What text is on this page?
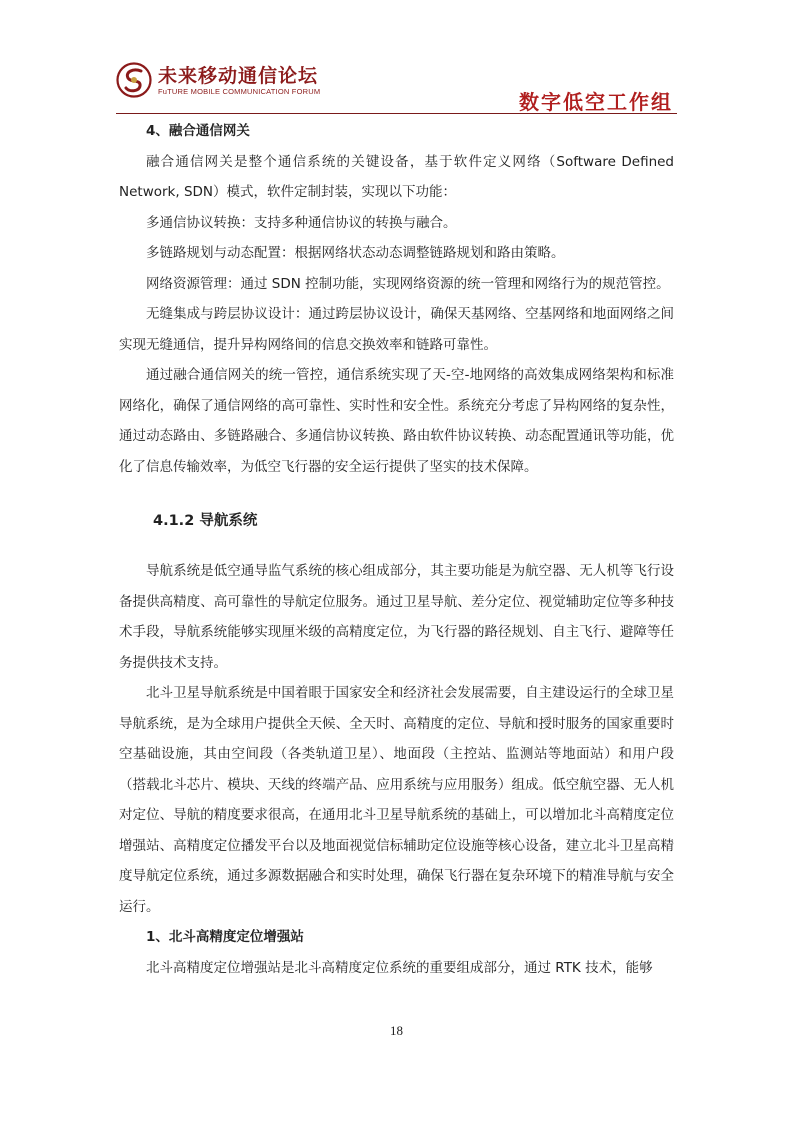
未来移动通信论坛
FuTURE MOBILE COMMUNICATION FORUM	数字低空工作组
4、融合通信网关

融合通信网关是整个通信系统的关键设备，基于软件定义网络（Software Defined Network, SDN）模式，软件定制封装，实现以下功能：

多通信协议转换：支持多种通信协议的转换与融合。

多链路规划与动态配置：根据网络状态动态调整链路规划和路由策略。

网络资源管理：通过 SDN 控制功能，实现网络资源的统一管理和网络行为的规范管控。

无缝集成与跨层协议设计：通过跨层协议设计，确保天基网络、空基网络和地面网络之间实现无缝通信，提升异构网络间的信息交换效率和链路可靠性。

通过融合通信网关的统一管控，通信系统实现了天-空-地网络的高效集成网络架构和标准网络化，确保了通信网络的高可靠性、实时性和安全性。系统充分考虑了异构网络的复杂性，通过动态路由、多链路融合、多通信协议转换、路由软件协议转换、动态配置通讯等功能，优化了信息传输效率，为低空飞行器的安全运行提供了坚实的技术保障。

4.1.2 导航系统

导航系统是低空通导监气系统的核心组成部分，其主要功能是为航空器、无人机等飞行设备提供高精度、高可靠性的导航定位服务。通过卫星导航、差分定位、视觉辅助定位等多种技术手段，导航系统能够实现厘米级的高精度定位，为飞行器的路径规划、自主飞行、避障等任务提供技术支持。

北斗卫星导航系统是中国着眼于国家安全和经济社会发展需要，自主建设运行的全球卫星导航系统，是为全球用户提供全天候、全天时、高精度的定位、导航和授时服务的国家重要时空基础设施，其由空间段（各类轨道卫星）、地面段（主控站、监测站等地面站）和用户段（搭载北斗芯片、模块、天线的终端产品、应用系统与应用服务）组成。低空航空器、无人机对定位、导航的精度要求很高，在通用北斗卫星导航系统的基础上，可以增加北斗高精度定位增强站、高精度定位播发平台以及地面视觉信标辅助定位设施等核心设备，建立北斗卫星高精度导航定位系统，通过多源数据融合和实时处理，确保飞行器在复杂环境下的精准导航与安全运行。

1、北斗高精度定位增强站

北斗高精度定位增强站是北斗高精度定位系统的重要组成部分，通过 RTK 技术，能够

18
